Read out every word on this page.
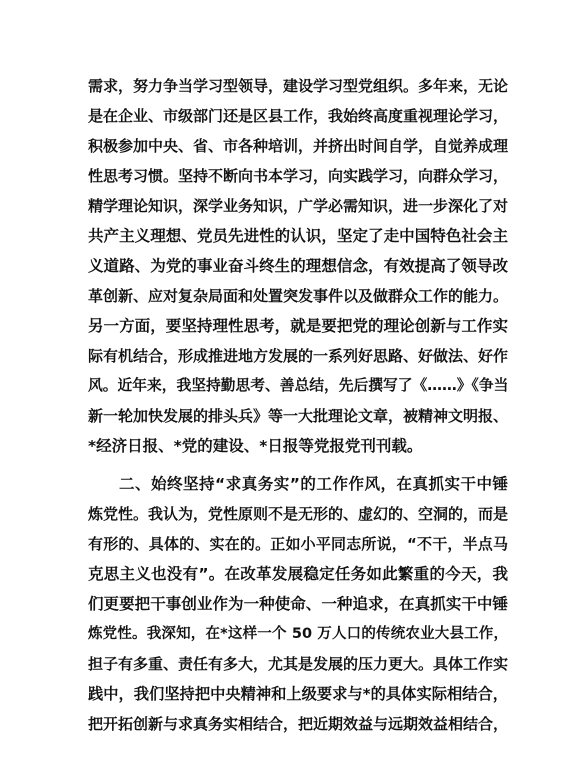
需求，努力争当学习型领导，建设学习型党组织。多年来，无论
是在企业、市级部门还是区县工作，我始终高度重视理论学习，
积极参加中央、省、市各种培训，并挤出时间自学，自觉养成理
性思考习惯。坚持不断向书本学习，向实践学习，向群众学习，
精学理论知识，深学业务知识，广学必需知识，进一步深化了对
共产主义理想、党员先进性的认识，坚定了走中国特色社会主
义道路、为党的事业奋斗终生的理想信念，有效提高了领导改
革创新、应对复杂局面和处置突发事件以及做群众工作的能力。
另一方面，要坚持理性思考，就是要把党的理论创新与工作实
际有机结合，形成推进地方发展的一系列好思路、好做法、好作
风。近年来，我坚持勤思考、善总结，先后撰写了《……》《争当
新一轮加快发展的排头兵》等一大批理论文章，被精神文明报、
*经济日报、*党的建设、*日报等党报党刊刊载。
二、始终坚持“求真务实”的工作作风，在真抓实干中锤
炼党性。我认为，党性原则不是无形的、虚幻的、空洞的，而是
有形的、具体的、实在的。正如小平同志所说，“不干，半点马
克思主义也没有”。在改革发展稳定任务如此繁重的今天，我
们更要把干事创业作为一种使命、一种追求，在真抓实干中锤
炼党性。我深知，在*这样一个 50 万人口的传统农业大县工作，
担子有多重、责任有多大，尤其是发展的压力更大。具体工作实
践中，我们坚持把中央精神和上级要求与*的具体实际相结合，
把开拓创新与求真务实相结合，把近期效益与远期效益相结合，
